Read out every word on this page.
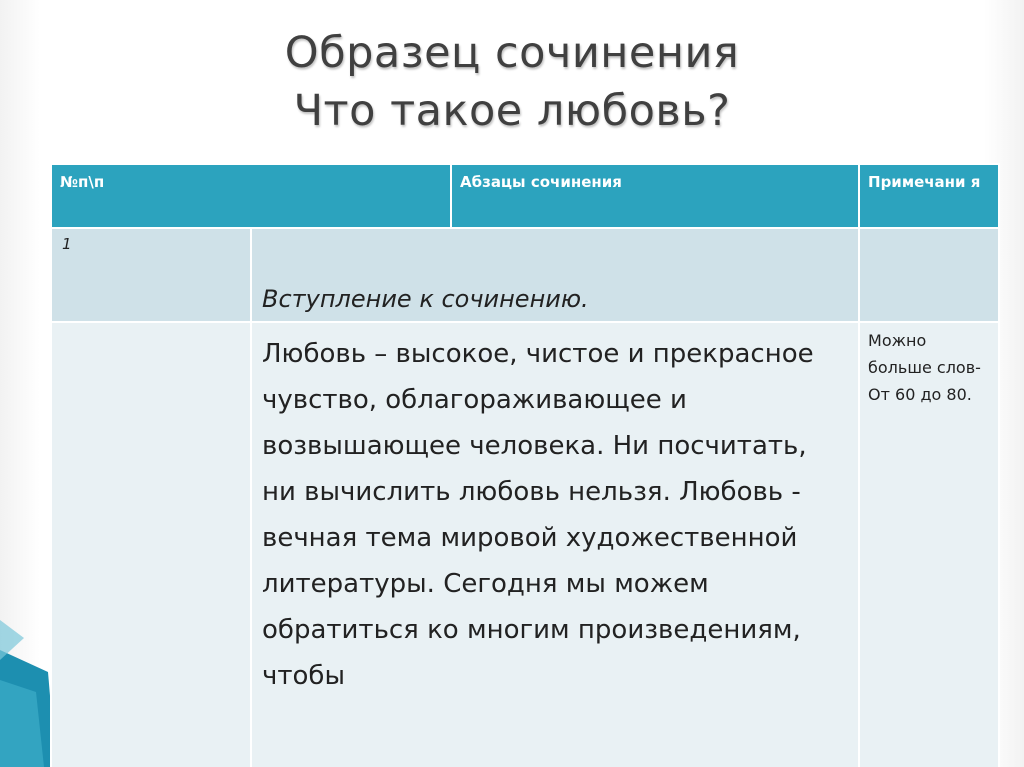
Образец сочинения
Что такое любовь?
№п\п		Абзацы сочинения	Примечани я

1	Вступление к сочинению.		

	Любовь – высокое, чистое и прекрасное чувство, облагораживающее и возвышающее человека. Ни посчитать, ни вычислить любовь нельзя. Любовь - вечная тема мировой художественной литературы. Сегодня мы можем обратиться ко многим произведениям, чтобы		Можно больше слов-От 60 до 80.
